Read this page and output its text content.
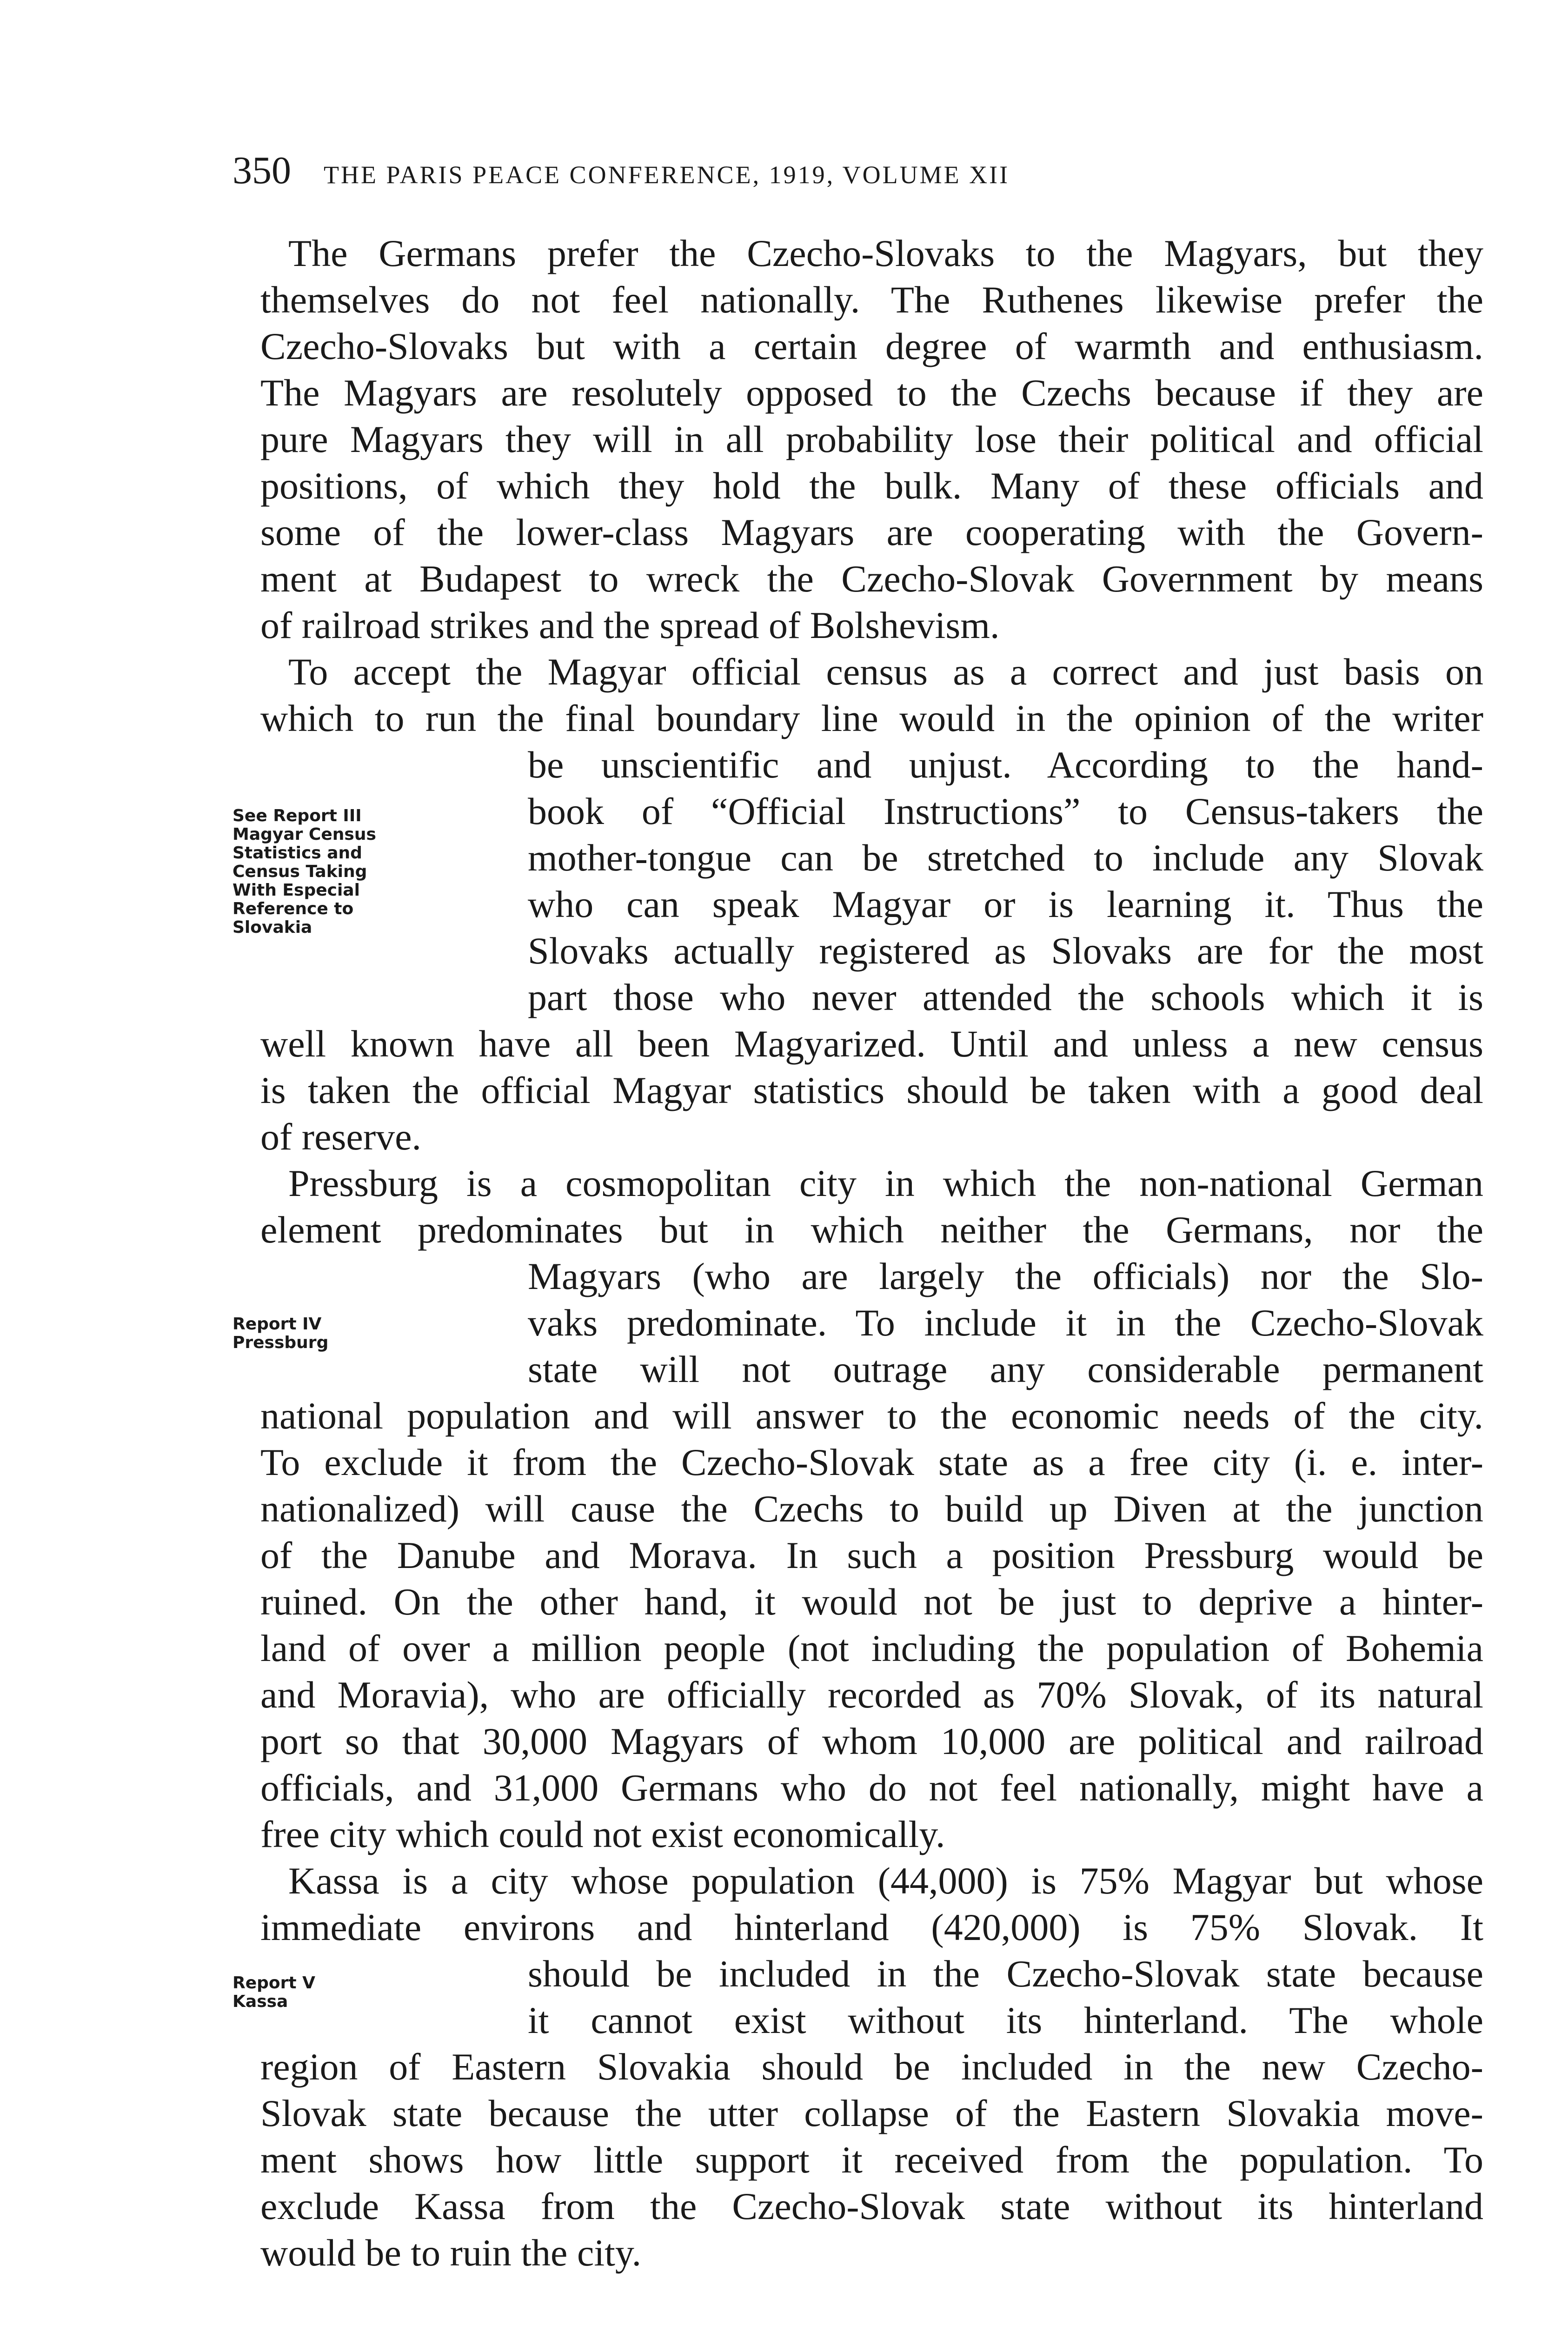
350 THE PARIS PEACE CONFERENCE, 1919, VOLUME XII
The Germans prefer the Czecho-Slovaks to the Magyars, but they
themselves do not feel nationally. The Ruthenes likewise prefer the
Czecho-Slovaks but with a certain degree of warmth and enthusiasm.
The Magyars are resolutely opposed to the Czechs because if they are
pure Magyars they will in all probability lose their political and official
positions, of which they hold the bulk. Many of these officials and
some of the lower-class Magyars are cooperating with the Govern-
ment at Budapest to wreck the Czecho-Slovak Government by means
of railroad strikes and the spread of Bolshevism.
To accept the Magyar official census as a correct and just basis on
which to run the final boundary line would in the opinion of the writer
be unscientific and unjust. According to the hand-
book of “Official Instructions” to Census-takers the
mother-tongue can be stretched to include any Slovak
who can speak Magyar or is learning it. Thus the
Slovaks actually registered as Slovaks are for the most
part those who never attended the schools which it is
well known have all been Magyarized. Until and unless a new census
is taken the official Magyar statistics should be taken with a good deal
of reserve.
Pressburg is a cosmopolitan city in which the non-national German
element predominates but in which neither the Germans, nor the
Magyars (who are largely the officials) nor the Slo-
vaks predominate. To include it in the Czecho-Slovak
state will not outrage any considerable permanent
national population and will answer to the economic needs of the city.
To exclude it from the Czecho-Slovak state as a free city (i. e. inter-
nationalized) will cause the Czechs to build up Diven at the junction
of the Danube and Morava. In such a position Pressburg would be
ruined. On the other hand, it would not be just to deprive a hinter-
land of over a million people (not including the population of Bohemia
and Moravia), who are officially recorded as 70% Slovak, of its natural
port so that 30,000 Magyars of whom 10,000 are political and railroad
officials, and 31,000 Germans who do not feel nationally, might have a
free city which could not exist economically.
Kassa is a city whose population (44,000) is 75% Magyar but whose
immediate environs and hinterland (420,000) is 75% Slovak. It
should be included in the Czecho-Slovak state because
it cannot exist without its hinterland. The whole
region of Eastern Slovakia should be included in the new Czecho-
Slovak state because the utter collapse of the Eastern Slovakia move-
ment shows how little support it received from the population. To
exclude Kassa from the Czecho-Slovak state without its hinterland
would be to ruin the city.
See Report III
Magyar Census
Statistics and
Census Taking
With Especial
Reference to
Slovakia
Report IV
Pressburg
Report V
Kassa
